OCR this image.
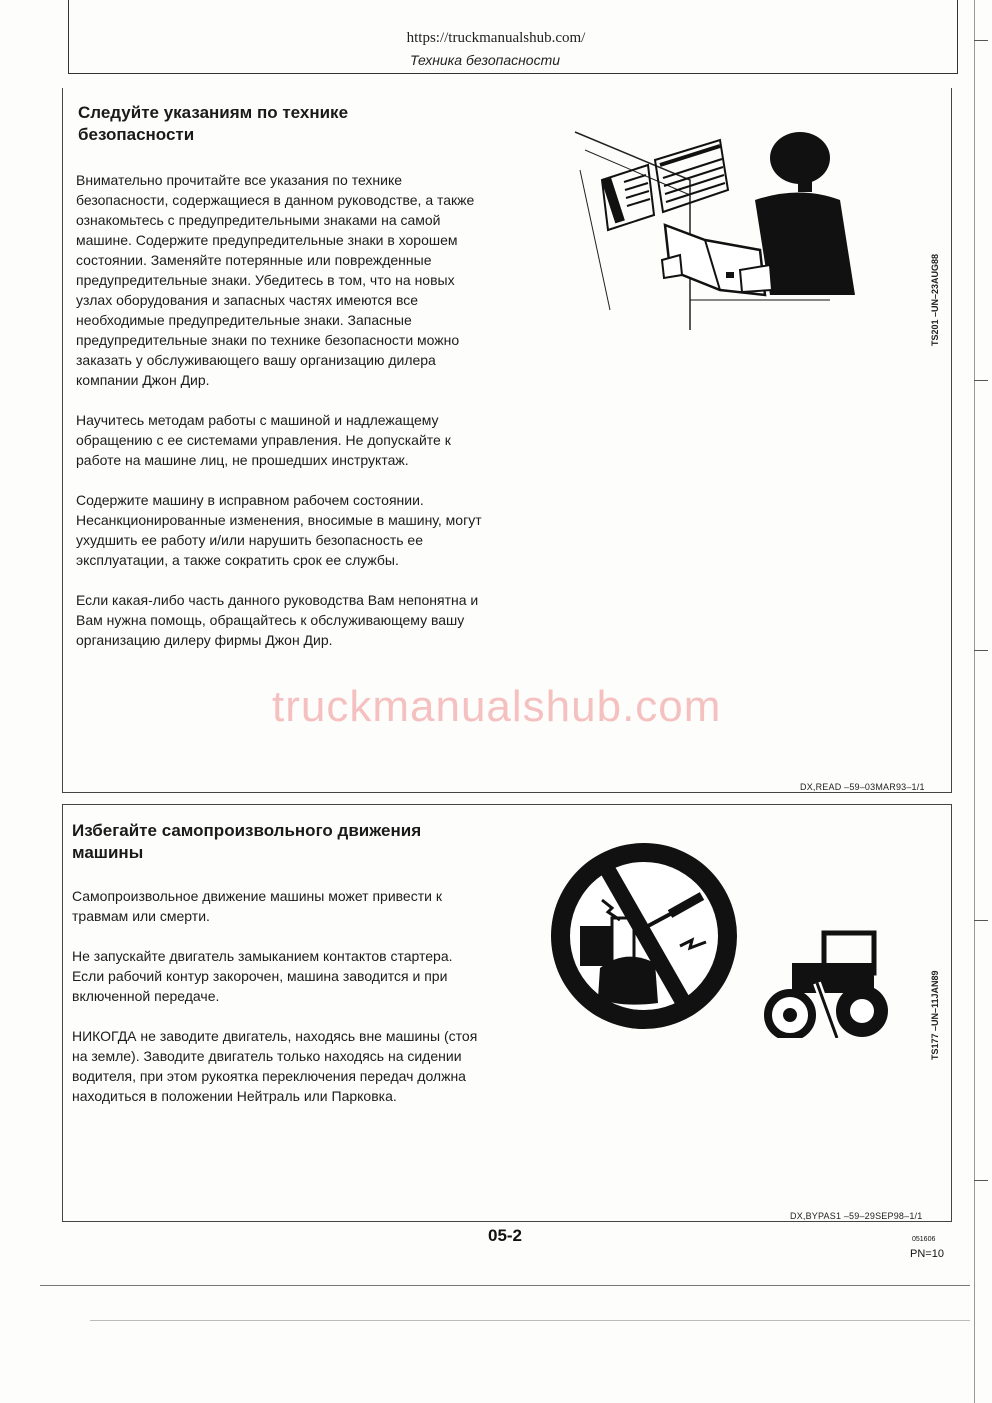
https://truckmanualshub.com/
Техника безопасности
Следуйте указаниям по технике
безопасности

Внимательно прочитайте все указания по технике безопасности, содержащиеся в данном руководстве, а также ознакомьтесь с предупредительными знаками на самой машине. Содержите предупредительные знаки в хорошем состоянии. Заменяйте потерянные или поврежденные предупредительные знаки. Убедитесь в том, что на новых узлах оборудования и запасных частях имеются все необходимые предупредительные знаки. Запасные предупредительные знаки по технике безопасности можно заказать у обслуживающего вашу организацию дилера компании Джон Дир.

Научитесь методам работы с машиной и надлежащему обращению с ее системами управления. Не допускайте к работе на машине лиц, не прошедших инструктаж.

Содержите машину в исправном рабочем состоянии. Несанкционированные изменения, вносимые в машину, могут ухудшить ее работу и/или нарушить безопасность ее эксплуатации, а также сократить срок ее службы.

Если какая-либо часть данного руководства Вам непонятна и Вам нужна помощь, обращайтесь к обслуживающему вашу организацию дилеру фирмы Джон Дир.

TS201 –UN–23AUG88
truckmanualshub.com
DX,READ –59–03MAR93–1/1
Избегайте самопроизвольного движения
машины

Самопроизвольное движение машины может привести к травмам или смерти.

Не запускайте двигатель замыканием контактов стартера. Если рабочий контур закорочен, машина заводится и при включенной передаче.

НИКОГДА не заводите двигатель, находясь вне машины (стоя на земле). Заводите двигатель только находясь на сидении водителя, при этом рукоятка переключения передач должна находиться в положении Нейтраль или Парковка.

TS177 –UN–11JAN89
DX,BYPAS1 –59–29SEP98–1/1
05-2	051606
PN=10
